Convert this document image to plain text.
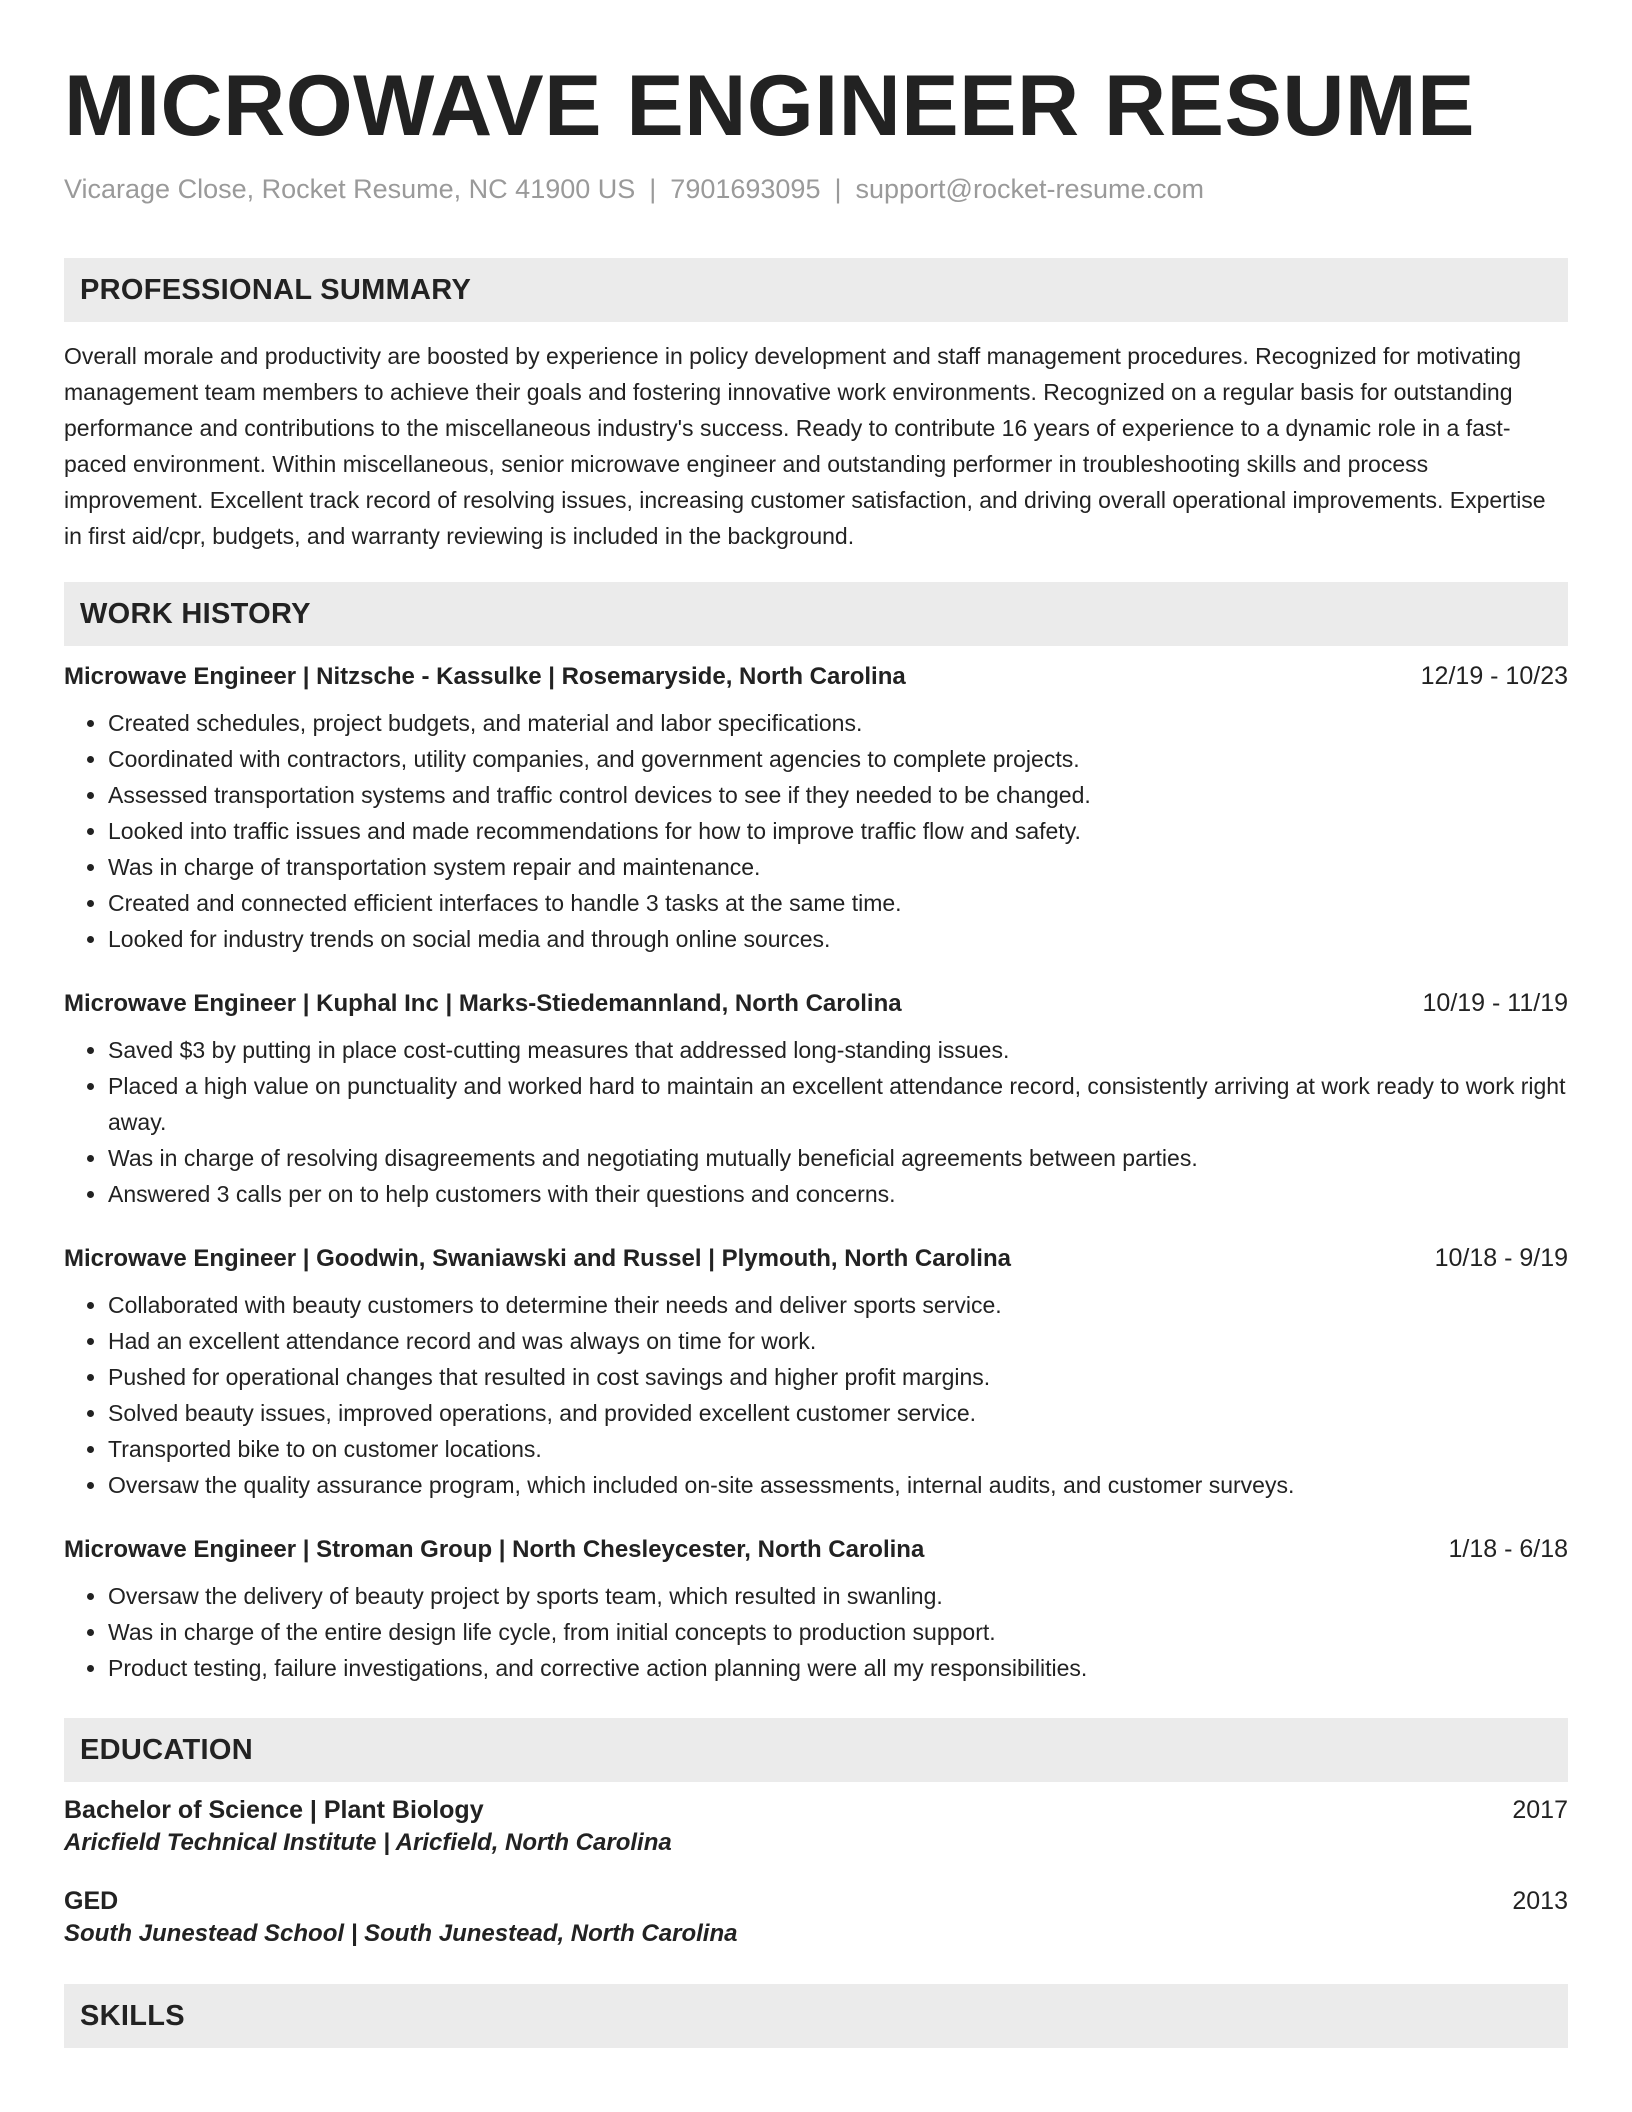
MICROWAVE ENGINEER RESUME
Vicarage Close, Rocket Resume, NC 41900 US | 7901693095 | support@rocket-resume.com
PROFESSIONAL SUMMARY
Overall morale and productivity are boosted by experience in policy development and staff management procedures. Recognized for motivating management team members to achieve their goals and fostering innovative work environments. Recognized on a regular basis for outstanding performance and contributions to the miscellaneous industry's success. Ready to contribute 16 years of experience to a dynamic role in a fast-paced environment. Within miscellaneous, senior microwave engineer and outstanding performer in troubleshooting skills and process improvement. Excellent track record of resolving issues, increasing customer satisfaction, and driving overall operational improvements. Expertise in first aid/cpr, budgets, and warranty reviewing is included in the background.
WORK HISTORY
Microwave Engineer | Nitzsche - Kassulke | Rosemaryside, North Carolina	12/19 - 10/23
• Created schedules, project budgets, and material and labor specifications.
• Coordinated with contractors, utility companies, and government agencies to complete projects.
• Assessed transportation systems and traffic control devices to see if they needed to be changed.
• Looked into traffic issues and made recommendations for how to improve traffic flow and safety.
• Was in charge of transportation system repair and maintenance.
• Created and connected efficient interfaces to handle 3 tasks at the same time.
• Looked for industry trends on social media and through online sources.
Microwave Engineer | Kuphal Inc | Marks-Stiedemannland, North Carolina	10/19 - 11/19
• Saved $3 by putting in place cost-cutting measures that addressed long-standing issues.
• Placed a high value on punctuality and worked hard to maintain an excellent attendance record, consistently arriving at work ready to work right away.
• Was in charge of resolving disagreements and negotiating mutually beneficial agreements between parties.
• Answered 3 calls per on to help customers with their questions and concerns.
Microwave Engineer | Goodwin, Swaniawski and Russel | Plymouth, North Carolina	10/18 - 9/19
• Collaborated with beauty customers to determine their needs and deliver sports service.
• Had an excellent attendance record and was always on time for work.
• Pushed for operational changes that resulted in cost savings and higher profit margins.
• Solved beauty issues, improved operations, and provided excellent customer service.
• Transported bike to on customer locations.
• Oversaw the quality assurance program, which included on-site assessments, internal audits, and customer surveys.
Microwave Engineer | Stroman Group | North Chesleycester, North Carolina	1/18 - 6/18
• Oversaw the delivery of beauty project by sports team, which resulted in swanling.
• Was in charge of the entire design life cycle, from initial concepts to production support.
• Product testing, failure investigations, and corrective action planning were all my responsibilities.
EDUCATION
Bachelor of Science | Plant Biology	2017
Aricfield Technical Institute | Aricfield, North Carolina
GED	2013
South Junestead School | South Junestead, North Carolina
SKILLS
